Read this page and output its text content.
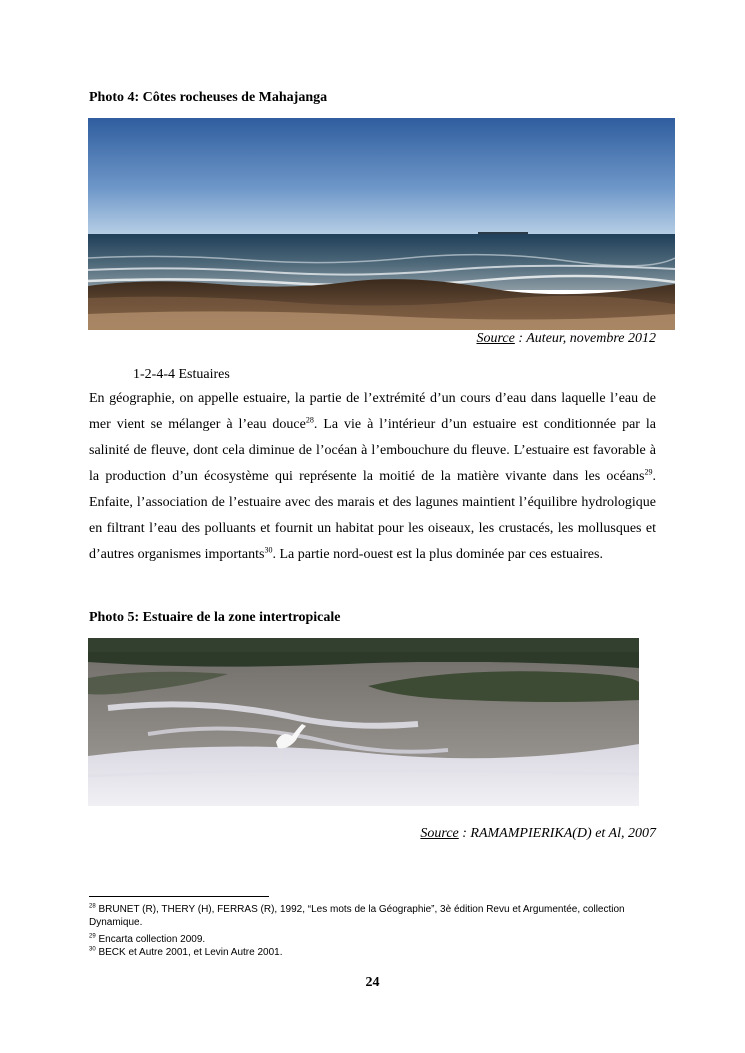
Photo 4: Côtes rocheuses de Mahajanga
Source : Auteur, novembre 2012
1-2-4-4 Estuaires
En géographie, on appelle estuaire, la partie de l’extrémité d’un cours d’eau dans laquelle l’eau de mer vient se mélanger à l’eau douce$^{28}$. La vie à l’intérieur d’un estuaire est conditionnée par la salinité de fleuve, dont cela diminue de l’océan à l’embouchure du fleuve. L’estuaire est favorable à la production d’un écosystème qui représente la moitié de la matière vivante dans les océans$^{29}$. Enfaite, l’association de l’estuaire avec des marais et des lagunes maintient l’équilibre hydrologique en filtrant l’eau des polluants et fournit un habitat pour les oiseaux, les crustacés, les mollusques et d’autres organismes importants$^{30}$. La partie nord-ouest est la plus dominée par ces estuaires.
Photo 5: Estuaire de la zone intertropicale
Source : RAMAMPIERIKA(D) et Al, 2007
$^{28}$ BRUNET (R), THERY (H), FERRAS (R), 1992, “Les mots de la Géographie”, 3è édition Revu et Argumentée, collection Dynamique.
$^{29}$ Encarta collection 2009.
$^{30}$ BECK et Autre 2001, et Levin Autre 2001.
24
